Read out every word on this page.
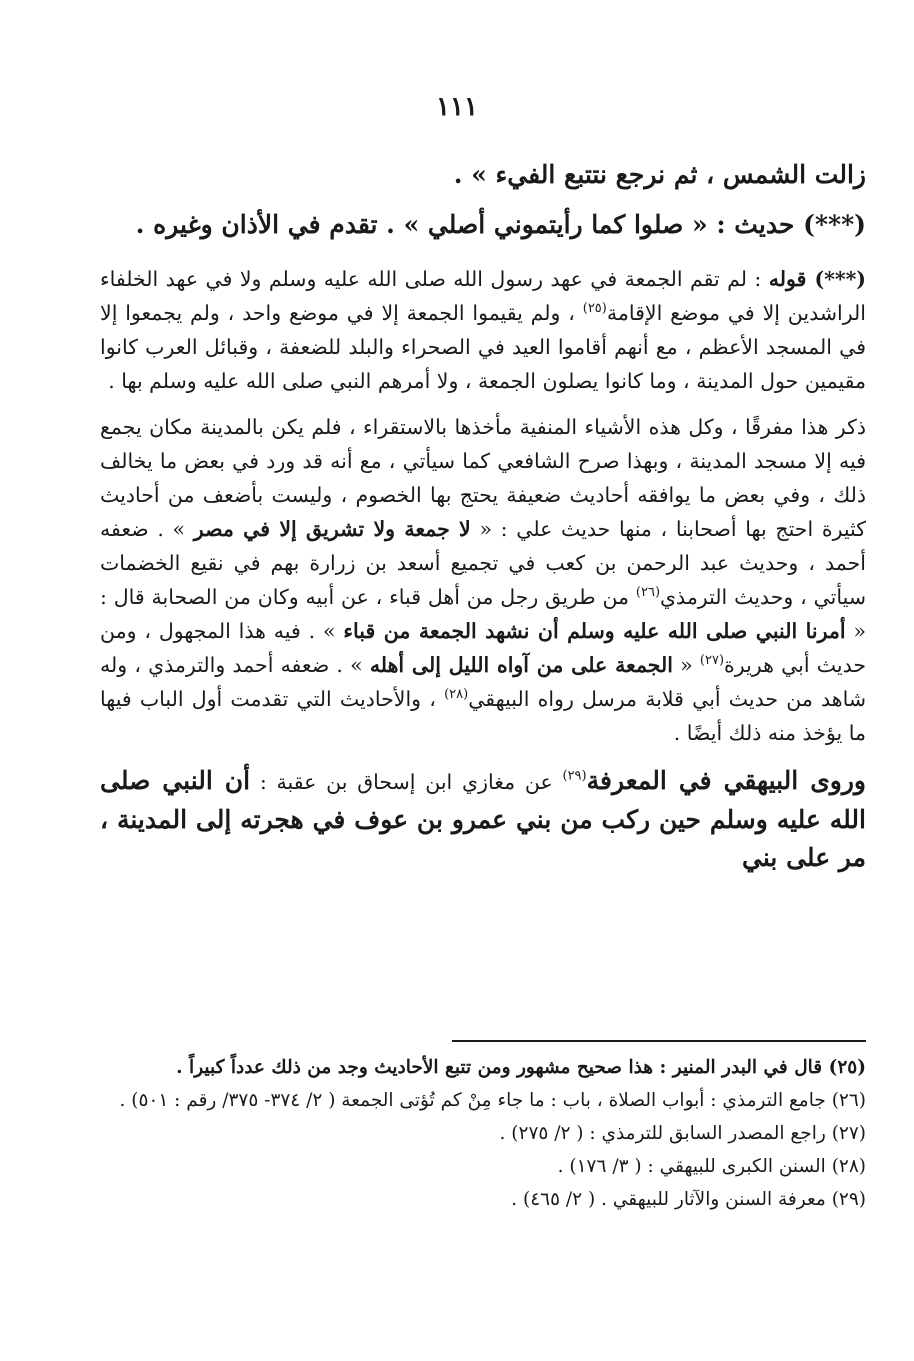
١١١

زالت الشمس ، ثم نرجع نتتبع الفيء » .

(***) حديث : « صلوا كما رأيتموني أصلي » . تقدم في الأذان وغيره .

(***) قوله : لم تقم الجمعة في عهد رسول الله صلى الله عليه وسلم ولا في عهد الخلفاء الراشدين إلا في موضع الإقامة$^{(٢٥)}$ ، ولم يقيموا الجمعة إلا في موضع واحد ، ولم يجمعوا إلا في المسجد الأعظم ، مع أنهم أقاموا العيد في الصحراء والبلد للضعفة ، وقبائل العرب كانوا مقيمين حول المدينة ، وما كانوا يصلون الجمعة ، ولا أمرهم النبي صلى الله عليه وسلم بها .

ذكر هذا مفرقًا ، وكل هذه الأشياء المنفية مأخذها بالاستقراء ، فلم يكن بالمدينة مكان يجمع فيه إلا مسجد المدينة ، وبهذا صرح الشافعي كما سيأتي ، مع أنه قد ورد في بعض ما يخالف ذلك ، وفي بعض ما يوافقه أحاديث ضعيفة يحتج بها الخصوم ، وليست بأضعف من أحاديث كثيرة احتج بها أصحابنا ، منها حديث علي : « لا جمعة ولا تشريق إلا في مصر » . ضعفه أحمد ، وحديث عبد الرحمن بن كعب في تجميع أسعد بن زرارة بهم في نقيع الخضمات سيأتي ، وحديث الترمذي$^{(٢٦)}$ من طريق رجل من أهل قباء ، عن أبيه وكان من الصحابة قال : « أمرنا النبي صلى الله عليه وسلم أن نشهد الجمعة من قباء » . فيه هذا المجهول ، ومن حديث أبي هريرة$^{(٢٧)}$ « الجمعة على من آواه الليل إلى أهله » . ضعفه أحمد والترمذي ، وله شاهد من حديث أبي قلابة مرسل رواه البيهقي$^{(٢٨)}$ ، والأحاديث التي تقدمت أول الباب فيها ما يؤخذ منه ذلك أيضًا .

وروى البيهقي في المعرفة$^{(٢٩)}$ عن مغازي ابن إسحاق بن عقبة : أن النبي صلى الله عليه وسلم حين ركب من بني عمرو بن عوف في هجرته إلى المدينة ، مر على بني

(٢٥) قال في البدر المنير : هذا صحيح مشهور ومن تتبع الأحاديث وجد من ذلك عدداً كبيراً .

(٢٦) جامع الترمذي : أبواب الصلاة ، باب : ما جاء مِنْ كم تُؤتى الجمعة ( ٢/ ٣٧٤- ٣٧٥/ رقم : ٥٠١) .

(٢٧) راجع المصدر السابق للترمذي : ( ٢/ ٢٧٥) .

(٢٨) السنن الكبرى للبيهقي : ( ٣/ ١٧٦) .

(٢٩) معرفة السنن والآثار للبيهقي . ( ٢/ ٤٦٥) .
